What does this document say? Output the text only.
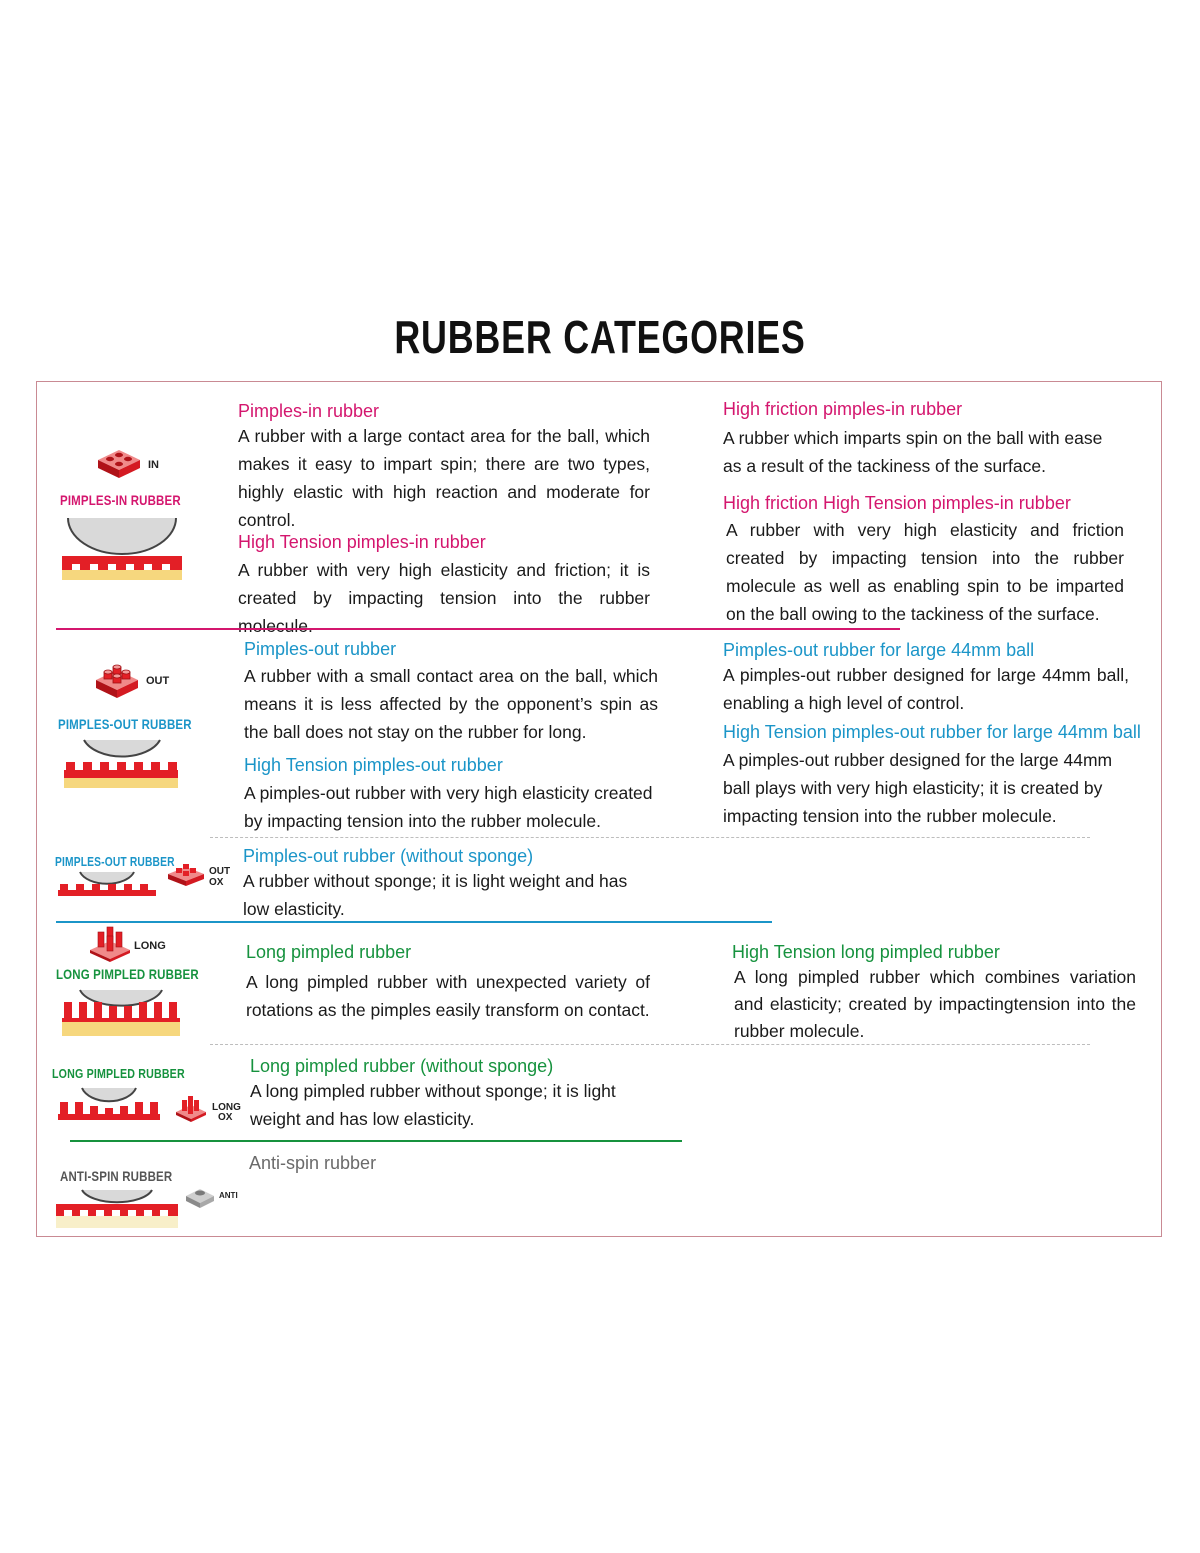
RUBBER CATEGORIES
IN
PIMPLES-IN RUBBER
Pimples-in rubber
A rubber with a large contact area for the ball, which makes it easy to impart spin; there are two types, highly elastic with high reaction and moderate for control.
High Tension pimples-in rubber
A rubber with very high elasticity and friction; it is created by impacting tension into the rubber molecule.
High friction pimples-in rubber
A rubber which imparts spin on the ball with ease as a result of the tackiness of the surface.
High friction High Tension pimples-in rubber
A rubber with very high elasticity and friction created by impacting tension into the rubber molecule as well as enabling spin to be imparted on the ball owing to the tackiness of the surface.
OUT
PIMPLES-OUT RUBBER
Pimples-out rubber
A rubber with a small contact area on the ball, which means it is less affected by the opponent’s spin as the ball does not stay on the rubber for long.
High Tension pimples-out rubber
A pimples-out rubber with very high elasticity created by impacting tension into the rubber molecule.
Pimples-out rubber for large 44mm ball
A pimples-out rubber designed for large 44mm ball, enabling a high level of control.
High Tension pimples-out rubber for large 44mm ball
A pimples-out rubber designed for the large 44mm ball plays with very high elasticity; it is created by impacting tension into the rubber molecule.
PIMPLES-OUT RUBBER
OUT
OX
Pimples-out rubber (without sponge)
A rubber without sponge; it is light weight and has low elasticity.
LONG
LONG PIMPLED RUBBER
Long pimpled rubber
A long pimpled rubber with unexpected variety of rotations as the pimples easily transform on contact.
High Tension long pimpled rubber
A long pimpled rubber which combines variation and elasticity; created by impactingtension into the rubber molecule.
LONG PIMPLED RUBBER
LONG
OX
Long pimpled rubber (without sponge)
A long pimpled rubber without sponge; it is light weight and has low elasticity.
ANTI-SPIN RUBBER
ANTI
Anti-spin rubber
